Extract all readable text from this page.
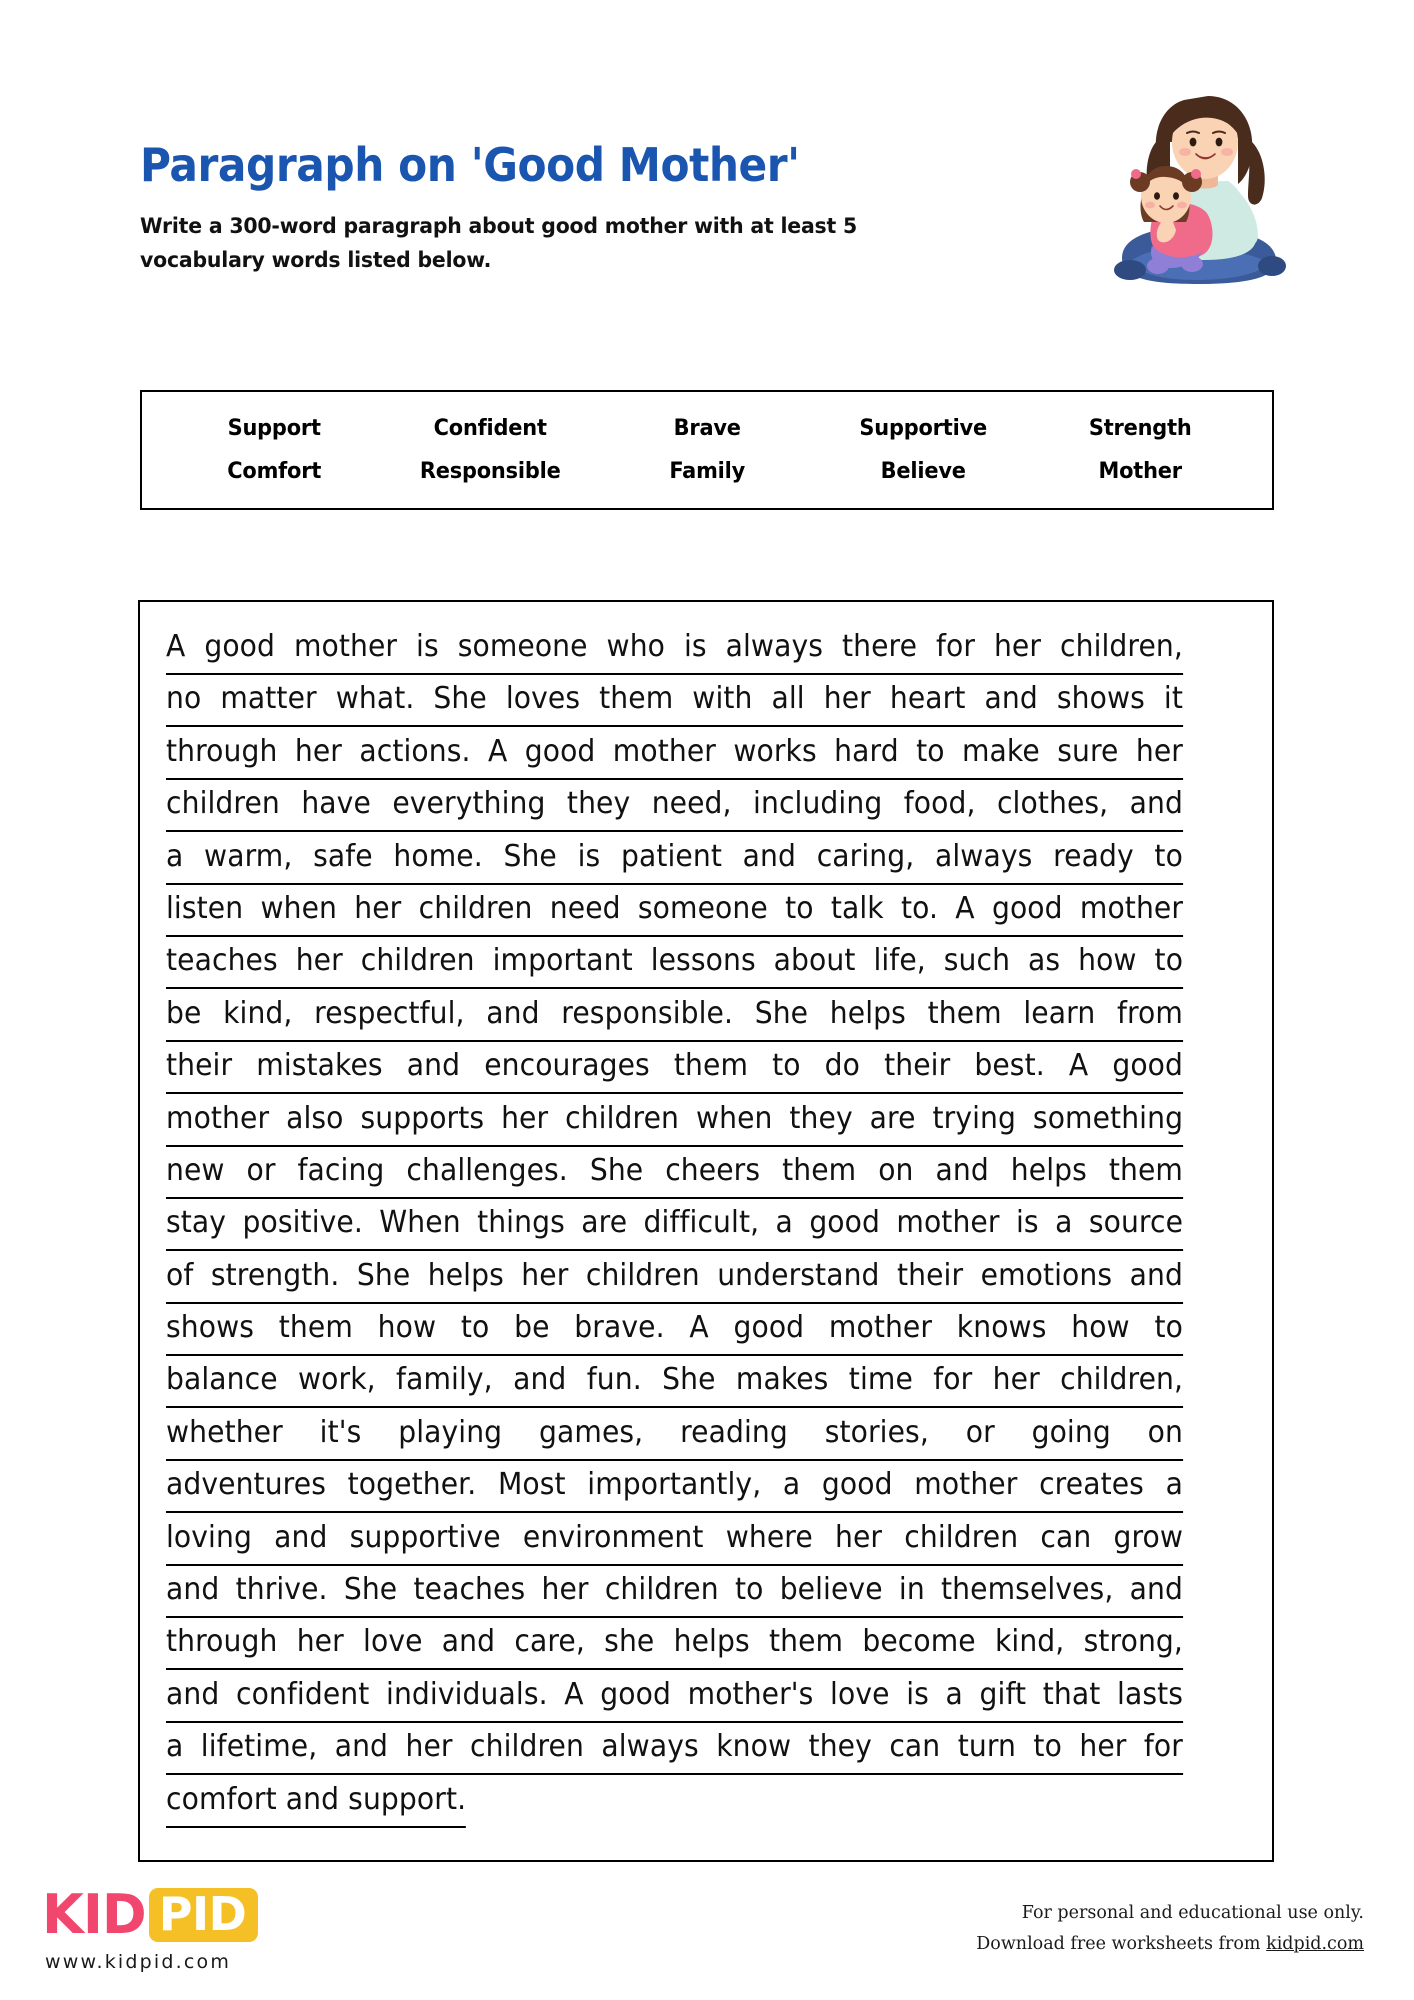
Paragraph on 'Good Mother'
Write a 300-word paragraph about good mother with at least 5 vocabulary words listed below.
Support	Confident	Brave	Supportive	Strength
Comfort	Responsible	Family	Believe	Mother
A good mother is someone who is always there for her children,
no matter what. She loves them with all her heart and shows it
through her actions. A good mother works hard to make sure her
children have everything they need, including food, clothes, and
a warm, safe home. She is patient and caring, always ready to
listen when her children need someone to talk to. A good mother
teaches her children important lessons about life, such as how to
be kind, respectful, and responsible. She helps them learn from
their mistakes and encourages them to do their best. A good
mother also supports her children when they are trying something
new or facing challenges. She cheers them on and helps them
stay positive. When things are difficult, a good mother is a source
of strength. She helps her children understand their emotions and
shows them how to be brave. A good mother knows how to
balance work, family, and fun. She makes time for her children,
whether it's playing games, reading stories, or going on
adventures together. Most importantly, a good mother creates a
loving and supportive environment where her children can grow
and thrive. She teaches her children to believe in themselves, and
through her love and care, she helps them become kind, strong,
and confident individuals. A good mother's love is a gift that lasts
a lifetime, and her children always know they can turn to her for
comfort and support.
KID PID
www.kidpid.com
For personal and educational use only.
Download free worksheets from kidpid.com
